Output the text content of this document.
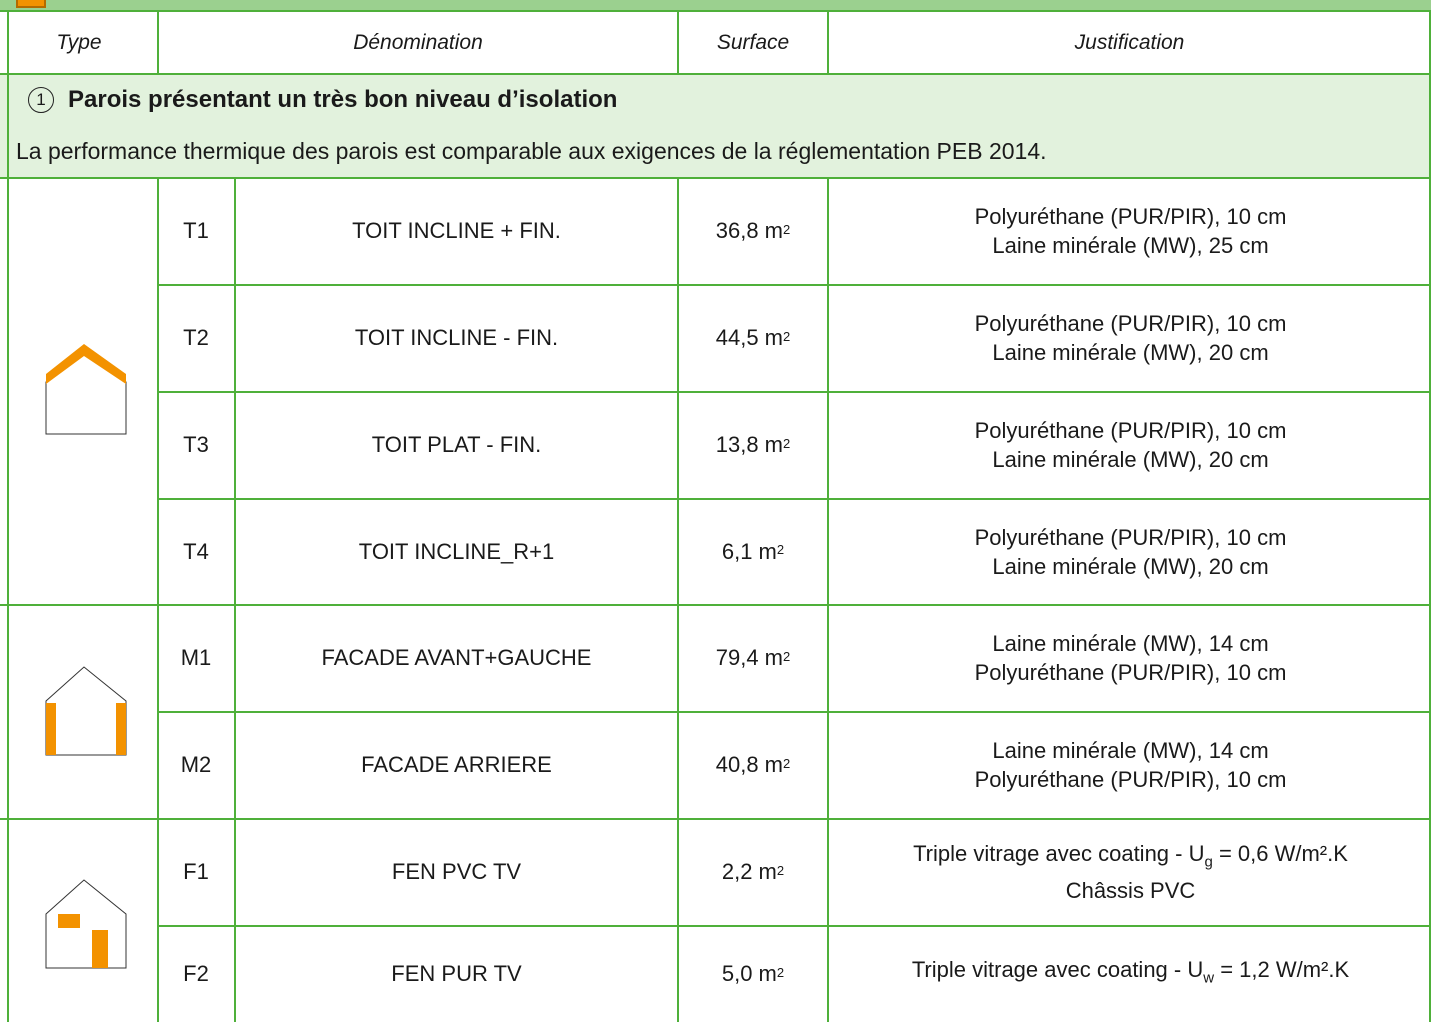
Type	Dénomination	Surface	Justification
1 Parois présentant un très bon niveau d’isolation
La performance thermique des parois est comparable aux exigences de la réglementation PEB 2014.
T1	TOIT INCLINE + FIN.	36,8 $m^2$	Polyuréthane (PUR/PIR), 10 cm
Laine minérale (MW), 25 cm
T2	TOIT INCLINE - FIN.	44,5 $m^2$	Polyuréthane (PUR/PIR), 10 cm
Laine minérale (MW), 20 cm
T3	TOIT PLAT - FIN.	13,8 $m^2$	Polyuréthane (PUR/PIR), 10 cm
Laine minérale (MW), 20 cm
T4	TOIT INCLINE_R+1	6,1 $m^2$	Polyuréthane (PUR/PIR), 10 cm
Laine minérale (MW), 20 cm
M1	FACADE AVANT+GAUCHE	79,4 $m^2$	Laine minérale (MW), 14 cm
Polyuréthane (PUR/PIR), 10 cm
M2	FACADE ARRIERE	40,8 $m^2$	Laine minérale (MW), 14 cm
Polyuréthane (PUR/PIR), 10 cm
F1	FEN PVC TV	2,2 $m^2$
Triple vitrage avec coating - $U_g = 0,6$ W/m².K
Châssis PVC
F2	FEN PUR TV	5,0 $m^2$	Triple vitrage avec coating - $U_w = 1,2$ W/m².K
